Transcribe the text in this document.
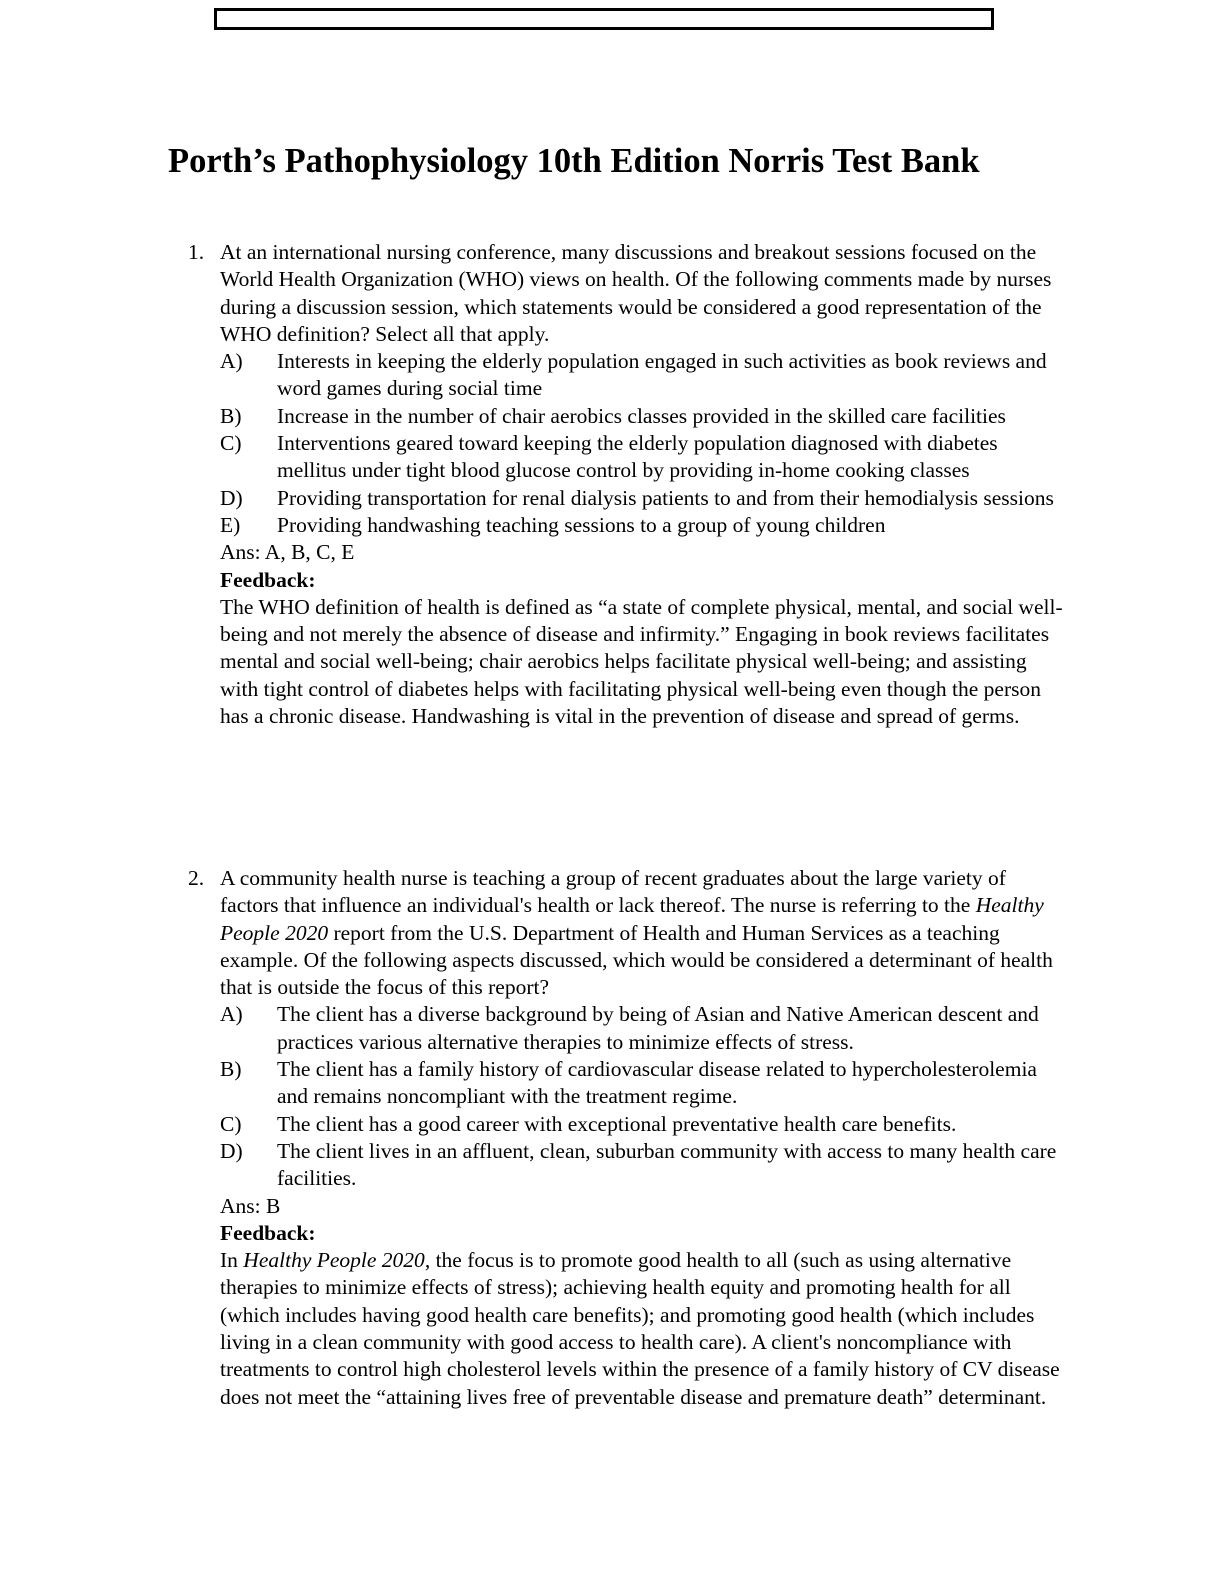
Porth’s Pathophysiology 10th Edition Norris Test Bank
1. At an international nursing conference, many discussions and breakout sessions focused on the World Health Organization (WHO) views on health. Of the following comments made by nurses during a discussion session, which statements would be considered a good representation of the WHO definition? Select all that apply.
A) Interests in keeping the elderly population engaged in such activities as book reviews and word games during social time
B) Increase in the number of chair aerobics classes provided in the skilled care facilities
C) Interventions geared toward keeping the elderly population diagnosed with diabetes mellitus under tight blood glucose control by providing in-home cooking classes
D) Providing transportation for renal dialysis patients to and from their hemodialysis sessions
E) Providing handwashing teaching sessions to a group of young children
Ans: A, B, C, E
Feedback:
The WHO definition of health is defined as “a state of complete physical, mental, and social well-being and not merely the absence of disease and infirmity.” Engaging in book reviews facilitates mental and social well-being; chair aerobics helps facilitate physical well-being; and assisting with tight control of diabetes helps with facilitating physical well-being even though the person has a chronic disease. Handwashing is vital in the prevention of disease and spread of germs.
2. A community health nurse is teaching a group of recent graduates about the large variety of factors that influence an individual's health or lack thereof. The nurse is referring to the Healthy People 2020 report from the U.S. Department of Health and Human Services as a teaching example. Of the following aspects discussed, which would be considered a determinant of health that is outside the focus of this report?
A) The client has a diverse background by being of Asian and Native American descent and practices various alternative therapies to minimize effects of stress.
B) The client has a family history of cardiovascular disease related to hypercholesterolemia and remains noncompliant with the treatment regime.
C) The client has a good career with exceptional preventative health care benefits.
D) The client lives in an affluent, clean, suburban community with access to many health care facilities.
Ans: B
Feedback:
In Healthy People 2020, the focus is to promote good health to all (such as using alternative therapies to minimize effects of stress); achieving health equity and promoting health for all (which includes having good health care benefits); and promoting good health (which includes living in a clean community with good access to health care). A client's noncompliance with treatments to control high cholesterol levels within the presence of a family history of CV disease does not meet the “attaining lives free of preventable disease and premature death” determinant.
